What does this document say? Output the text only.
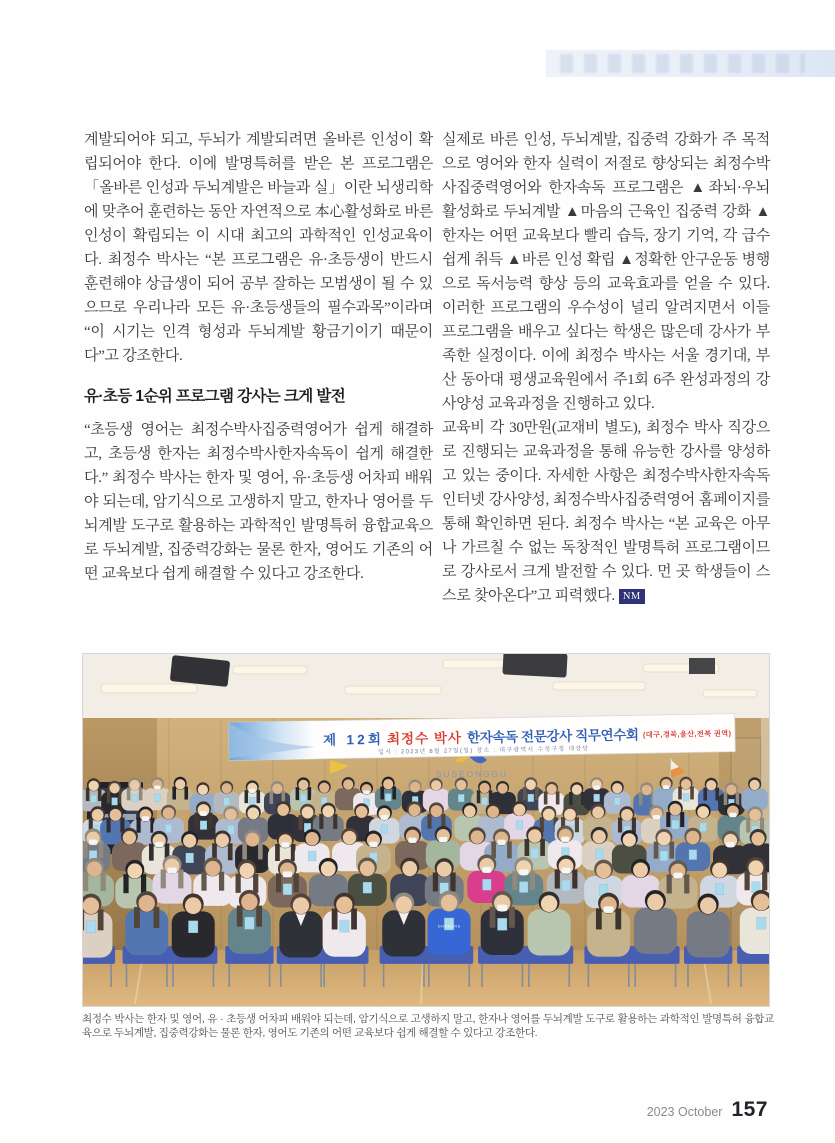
계발되어야 되고, 두뇌가 계발되려면 올바른 인성이 확립되어야 한다. 이에 발명특허를 받은 본 프로그램은「올바른 인성과 두뇌계발은 바늘과 실」이란 뇌생리학에 맞추어 훈련하는 동안 자연적으로 本心활성화로 바른 인성이 확립되는 이 시대 최고의 과학적인 인성교육이다. 최정수 박사는 “본 프로그램은 유·초등생이 반드시 훈련해야 상급생이 되어 공부 잘하는 모범생이 될 수 있으므로 우리나라 모든 유·초등생들의 필수과목”이라며 “이 시기는 인격 형성과 두뇌계발 황금기이기 때문이다”고 강조한다.

유·초등 1순위 프로그램 강사는 크게 발전

“초등생 영어는 최정수박사집중력영어가 쉽게 해결하고, 초등생 한자는 최정수박사한자속독이 쉽게 해결한다.” 최정수 박사는 한자 및 영어, 유·초등생 어차피 배워야 되는데, 암기식으로 고생하지 말고, 한자나 영어를 두뇌계발 도구로 활용하는 과학적인 발명특허 융합교육으로 두뇌계발, 집중력강화는 물론 한자, 영어도 기존의 어떤 교육보다 쉽게 해결할 수 있다고 강조한다.

실제로 바른 인성, 두뇌계발, 집중력 강화가 주 목적으로 영어와 한자 실력이 저절로 향상되는 최정수박사집중력영어와 한자속독 프로그램은 ▲좌뇌·우뇌 활성화로 두뇌계발 ▲마음의 근육인 집중력 강화 ▲한자는 어떤 교육보다 빨리 습득, 장기 기억, 각 급수 쉽게 취득 ▲바른 인성 확립 ▲정확한 안구운동 병행으로 독서능력 향상 등의 교육효과를 얻을 수 있다. 이러한 프로그램의 우수성이 널리 알려지면서 이들 프로그램을 배우고 싶다는 학생은 많은데 강사가 부족한 실정이다. 이에 최정수 박사는 서울 경기대, 부산 동아대 평생교육원에서 주1회 6주 완성과정의 강사양성 교육과정을 진행하고 있다.

교육비 각 30만원(교재비 별도), 최정수 박사 직강으로 진행되는 교육과정을 통해 유능한 강사를 양성하고 있는 중이다. 자세한 사항은 최정수박사한자속독 인터넷 강사양성, 최정수박사집중력영어 홈페이지를 통해 확인하면 된다. 최정수 박사는 “본 교육은 아무나 가르칠 수 없는 독창적인 발명특허 프로그램이므로 강사로서 크게 발전할 수 있다. 먼 곳 학생들이 스스로 찾아온다”고 피력했다. NM

최정수 박사는 한자 및 영어, 유 · 초등생 어차피 배워야 되는데, 암기식으로 고생하지 말고, 한자나 영어를 두뇌계발 도구로 활용하는 과학적인 발명특허 융합교육으로 두뇌계발, 집중력강화는 물론 한자, 영어도 기존의 어떤 교육보다 쉽게 해결할 수 있다고 강조한다.
2023 October 157
